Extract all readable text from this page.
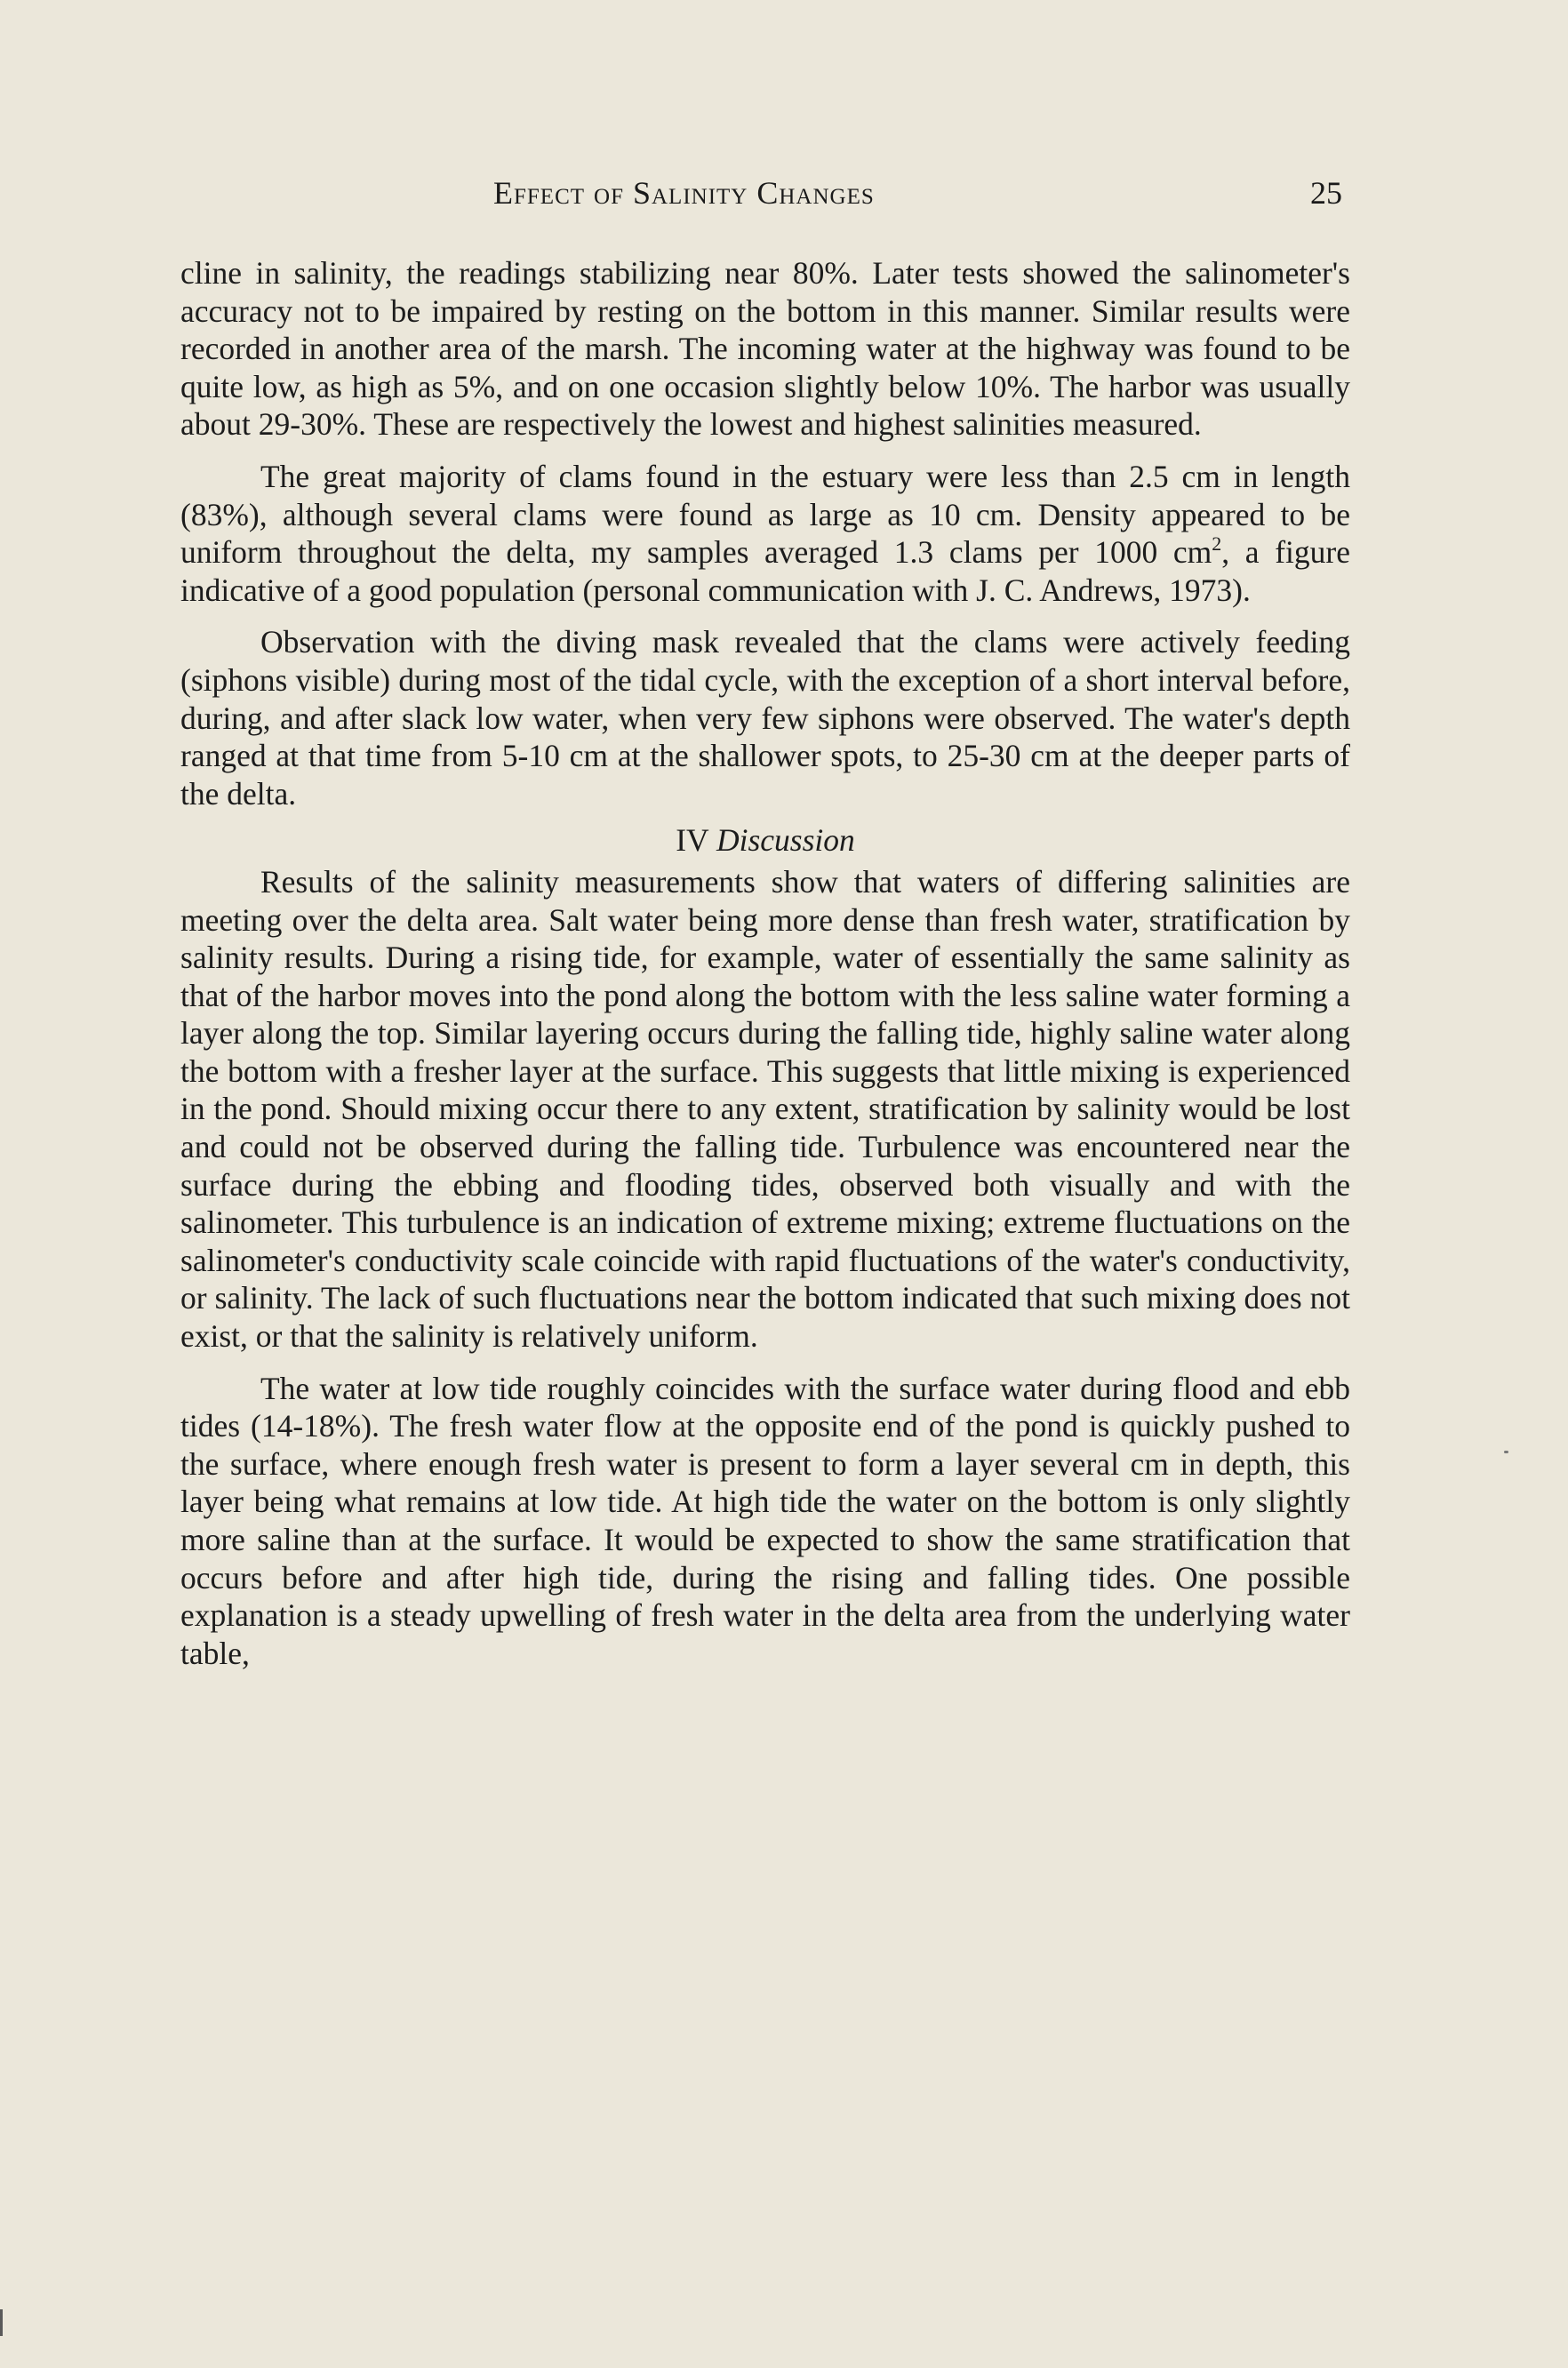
Effect of Salinity Changes	25

cline in salinity, the readings stabilizing near 80%. Later tests showed the salinometer's accuracy not to be impaired by resting on the bottom in this manner. Similar results were recorded in another area of the marsh. The incoming water at the highway was found to be quite low, as high as 5%, and on one occasion slightly below 10%. The harbor was usually about 29-30%. These are respectively the lowest and highest salinities measured.

The great majority of clams found in the estuary were less than 2.5 cm in length (83%), although several clams were found as large as 10 cm. Density appeared to be uniform throughout the delta, my samples averaged 1.3 clams per 1000 $cm^2$, a figure indicative of a good population (personal communication with J. C. Andrews, 1973).

Observation with the diving mask revealed that the clams were actively feeding (siphons visible) during most of the tidal cycle, with the exception of a short interval before, during, and after slack low water, when very few siphons were observed. The water's depth ranged at that time from 5-10 cm at the shallower spots, to 25-30 cm at the deeper parts of the delta.

IV Discussion

Results of the salinity measurements show that waters of differing salinities are meeting over the delta area. Salt water being more dense than fresh water, stratification by salinity results. During a rising tide, for example, water of essentially the same salinity as that of the harbor moves into the pond along the bottom with the less saline water forming a layer along the top. Similar layering occurs during the falling tide, highly saline water along the bottom with a fresher layer at the surface. This suggests that little mixing is experienced in the pond. Should mixing occur there to any extent, stratification by salinity would be lost and could not be observed during the falling tide. Turbulence was encountered near the surface during the ebbing and flooding tides, observed both visually and with the salinometer. This turbulence is an indication of extreme mixing; extreme fluctuations on the salinometer's conductivity scale coincide with rapid fluctuations of the water's conductivity, or salinity. The lack of such fluctuations near the bottom indicated that such mixing does not exist, or that the salinity is relatively uniform.

The water at low tide roughly coincides with the surface water during flood and ebb tides (14-18%). The fresh water flow at the opposite end of the pond is quickly pushed to the surface, where enough fresh water is present to form a layer several cm in depth, this layer being what remains at low tide. At high tide the water on the bottom is only slightly more saline than at the surface. It would be expected to show the same stratification that occurs before and after high tide, during the rising and falling tides. One possible explanation is a steady upwelling of fresh water in the delta area from the underlying water table,
